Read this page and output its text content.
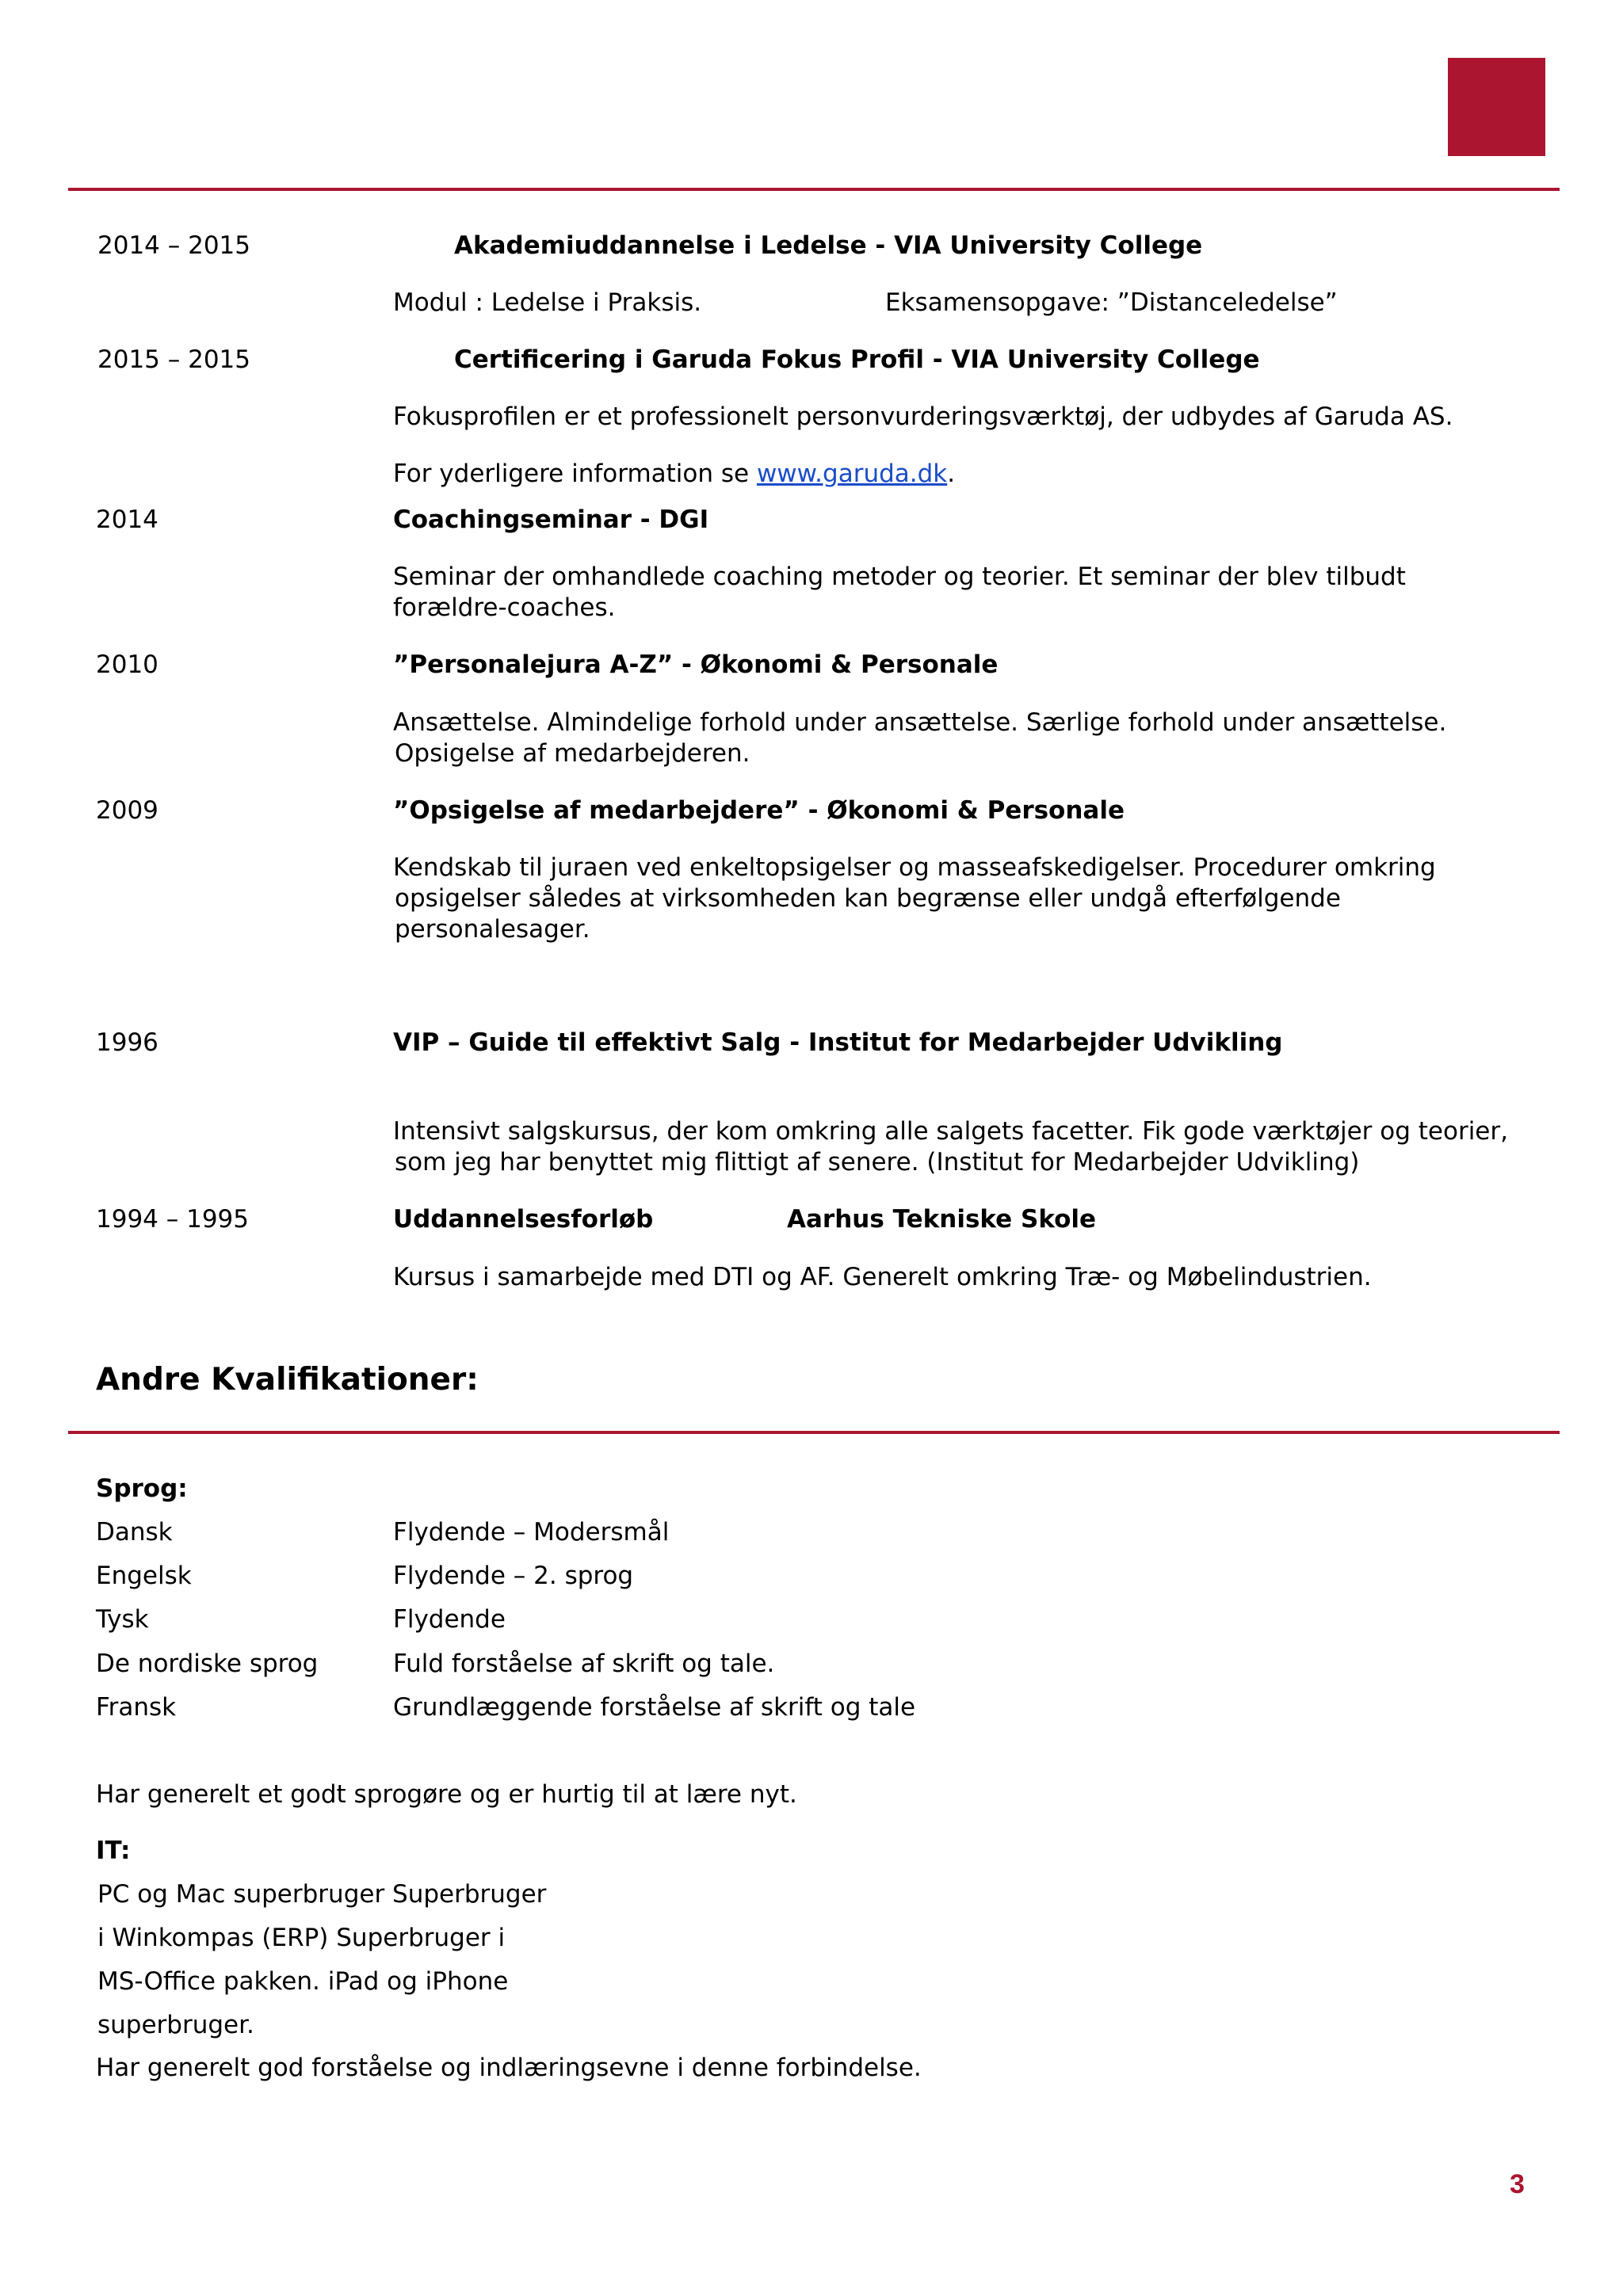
2014 – 2015	Akademiuddannelse i Ledelse - VIA University College
Modul : Ledelse i Praksis.	Eksamensopgave: ”Distanceledelse”
2015 – 2015	Certificering i Garuda Fokus Profil - VIA University College
Fokusprofilen er et professionelt personvurderingsværktøj, der udbydes af Garuda AS.
For yderligere information se www.garuda.dk.
2014	Coachingseminar - DGI
Seminar der omhandlede coaching metoder og teorier. Et seminar der blev tilbudt
forældre-coaches.
2010	”Personalejura A-Z” - Økonomi & Personale
Ansættelse. Almindelige forhold under ansættelse. Særlige forhold under ansættelse.
Opsigelse af medarbejderen.
2009	”Opsigelse af medarbejdere” - Økonomi & Personale
Kendskab til juraen ved enkeltopsigelser og masseafskedigelser. Procedurer omkring
opsigelser således at virksomheden kan begrænse eller undgå efterfølgende
personalesager.
1996	VIP – Guide til effektivt Salg - Institut for Medarbejder Udvikling
Intensivt salgskursus, der kom omkring alle salgets facetter. Fik gode værktøjer og teorier,
som jeg har benyttet mig flittigt af senere. (Institut for Medarbejder Udvikling)
1994 – 1995	Uddannelsesforløb	Aarhus Tekniske Skole
Kursus i samarbejde med DTI og AF. Generelt omkring Træ- og Møbelindustrien.
Andre Kvalifikationer:
Sprog:
Dansk	Flydende – Modersmål
Engelsk	Flydende – 2. sprog
Tysk	Flydende
De nordiske sprog	Fuld forståelse af skrift og tale.
Fransk	Grundlæggende forståelse af skrift og tale
Har generelt et godt sprogøre og er hurtig til at lære nyt.
IT:
PC og Mac superbruger Superbruger
i Winkompas (ERP) Superbruger i
MS-Office pakken. iPad og iPhone
superbruger.
Har generelt god forståelse og indlæringsevne i denne forbindelse.
3
